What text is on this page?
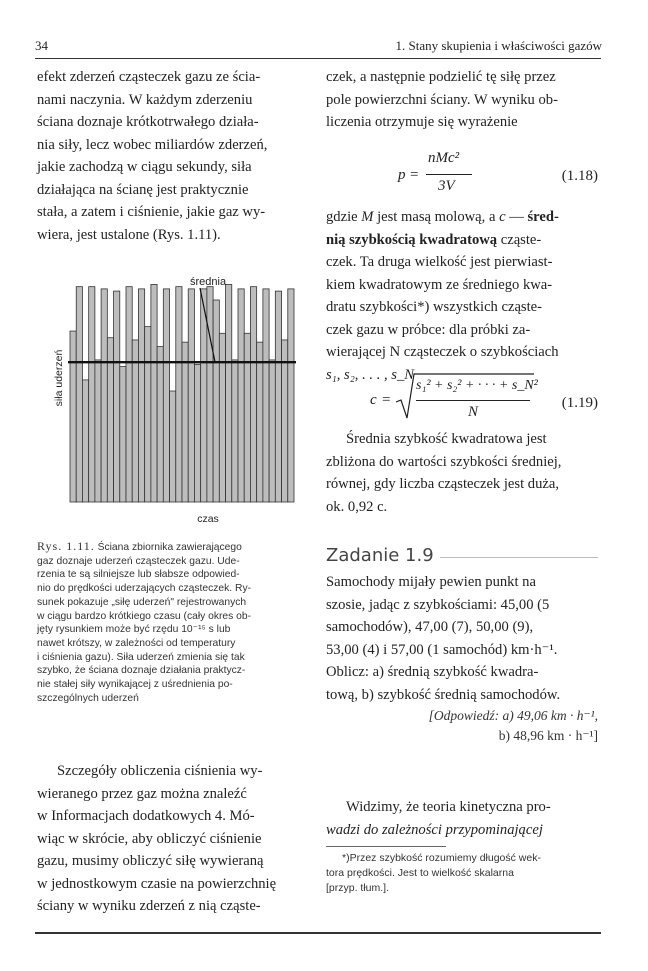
34	1. Stany skupienia i właściwości gazów
efekt zderzeń cząsteczek gazu ze ścia-
nami naczynia. W każdym zderzeniu
ściana doznaje krótkotrwałego działa-
nia siły, lecz wobec miliardów zderzeń,
jakie zachodzą w ciągu sekundy, siła
działająca na ścianę jest praktycznie
stała, a zatem i ciśnienie, jakie gaz wy-
wiera, jest ustalone (Rys. 1.11).
średnia
siła uderzeń
czas
Rys. 1.11. Ściana zbiornika zawierającego
gaz doznaje uderzeń cząsteczek gazu. Ude-
rzenia te są silniejsze lub słabsze odpowied-
nio do prędkości uderzających cząsteczek. Ry-
sunek pokazuje „siłę uderzeń" rejestrowanych
w ciągu bardzo krótkiego czasu (cały okres ob-
jęty rysunkiem może być rzędu 10⁻¹⁵ s lub
nawet krótszy, w zależności od temperatury
i ciśnienia gazu). Siła uderzeń zmienia się tak
szybko, że ściana doznaje działania praktycz-
nie stałej siły wynikającej z uśrednienia po-
szczególnych uderzeń
Szczegóły obliczenia ciśnienia wy-
wieranego przez gaz można znaleźć
w Informacjach dodatkowych 4. Mó-
wiąc w skrócie, aby obliczyć ciśnienie
gazu, musimy obliczyć siłę wywieraną
w jednostkowym czasie na powierzchnię
ściany w wyniku zderzeń z nią cząste-
czek, a następnie podzielić tę siłę przez
pole powierzchni ściany. W wyniku ob-
liczenia otrzymuje się wyrażenie
p =
nMc²
3V
(1.18)
gdzie M jest masą molową, a c — śred-
nią szybkością kwadratową cząste-
czek. Ta druga wielkość jest pierwiast-
kiem kwadratowym ze średniego kwa-
dratu szybkości*) wszystkich cząste-
czek gazu w próbce: dla próbki za-
wierającej N cząsteczek o szybkościach
s₁, s₂, . . . , s_N
c =
s₁² + s₂² + · · · + s_N²
N
(1.19)
Średnia szybkość kwadratowa jest
zbliżona do wartości szybkości średniej,
równej, gdy liczba cząsteczek jest duża,
ok. 0,92 c.
Zadanie 1.9
Samochody mijały pewien punkt na
szosie, jadąc z szybkościami: 45,00 (5
samochodów), 47,00 (7), 50,00 (9),
53,00 (4) i 57,00 (1 samochód) km·h⁻¹.
Oblicz: a) średnią szybkość kwadra-
tową, b) szybkość średnią samochodów.
[Odpowiedź: a) 49,06 km · h⁻¹,
b) 48,96 km · h⁻¹]
Widzimy, że teoria kinetyczna pro-
wadzi do zależności przypominającej
*)Przez szybkość rozumiemy długość wek-
tora prędkości. Jest to wielkość skalarna
[przyp. tłum.].
